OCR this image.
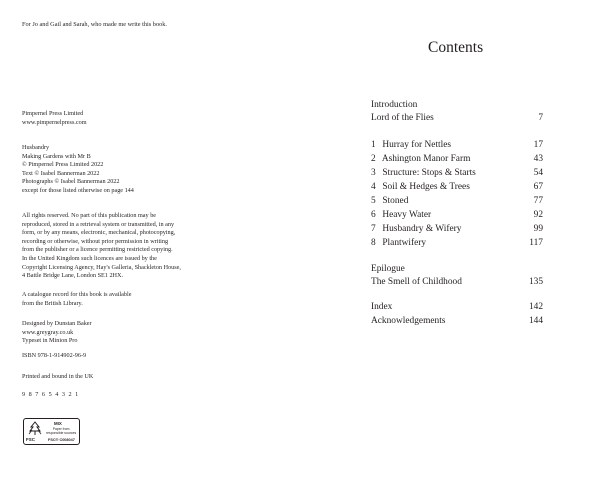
For Jo and Gail and Sarah, who made me write this book.
Pimpernel Press Limited
www.pimpernelpress.com
Husbandry
Making Gardens with Mr B
© Pimpernel Press Limited 2022
Text © Isabel Bannerman 2022
Photographs © Isabel Bannerman 2022
except for those listed otherwise on page 144
All rights reserved. No part of this publication may be
reproduced, stored in a retrieval system or transmitted, in any
form, or by any means, electronic, mechanical, photocopying,
recording or otherwise, without prior permission in writing
from the publisher or a licence permitting restricted copying.
In the United Kingdom such licences are issued by the
Copyright Licensing Agency, Hay's Galleria, Shackleton House,
4 Battle Bridge Lane, London SE1 2HX.
A catalogue record for this book is available
from the British Library.
Designed by Dunstan Baker
www.greygray.co.uk
Typeset in Minion Pro
ISBN 978-1-914902-96-9
Printed and bound in the UK
9 8 7 6 5 4 3 2 1
FSC
MIX
Paper from
responsible sources
FSC® C008047
Contents
Introduction
Lord of the Flies	7
1 Hurray for Nettles	17
2 Ashington Manor Farm	43
3 Structure: Stops & Starts	54
4 Soil & Hedges & Trees	67
5 Stoned	77
6 Heavy Water	92
7 Husbandry & Wifery	99
8 Plantwifery	117
Epilogue
The Smell of Childhood	135
Index	142
Acknowledgements	144
